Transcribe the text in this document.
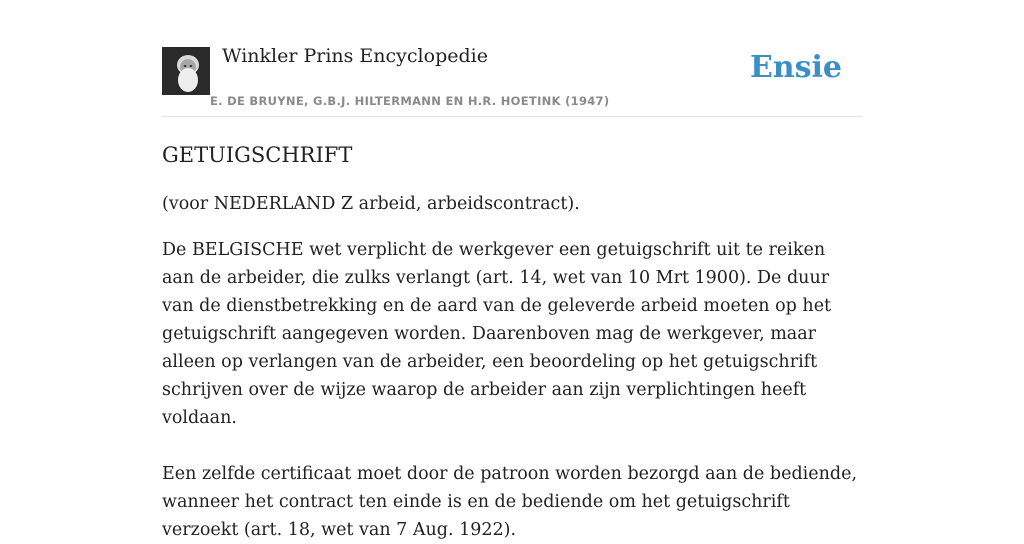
Winkler Prins Encyclopedie
E. DE BRUYNE, G.B.J. HILTERMANN EN H.R. HOETINK (1947)
Ensie
GETUIGSCHRIFT

(voor NEDERLAND Z arbeid, arbeidscontract).

De BELGISCHE wet verplicht de werkgever een getuigschrift uit te reiken aan de arbeider, die zulks verlangt (art. 14, wet van 10 Mrt 1900). De duur van de dienstbetrekking en de aard van de geleverde arbeid moeten op het getuigschrift aangegeven worden. Daarenboven mag de werkgever, maar alleen op verlangen van de arbeider, een beoordeling op het getuigschrift schrijven over de wijze waarop de arbeider aan zijn verplichtingen heeft voldaan.

Een zelfde certificaat moet door de patroon worden bezorgd aan de bediende, wanneer het contract ten einde is en de bediende om het getuigschrift verzoekt (art. 18, wet van 7 Aug. 1922).
